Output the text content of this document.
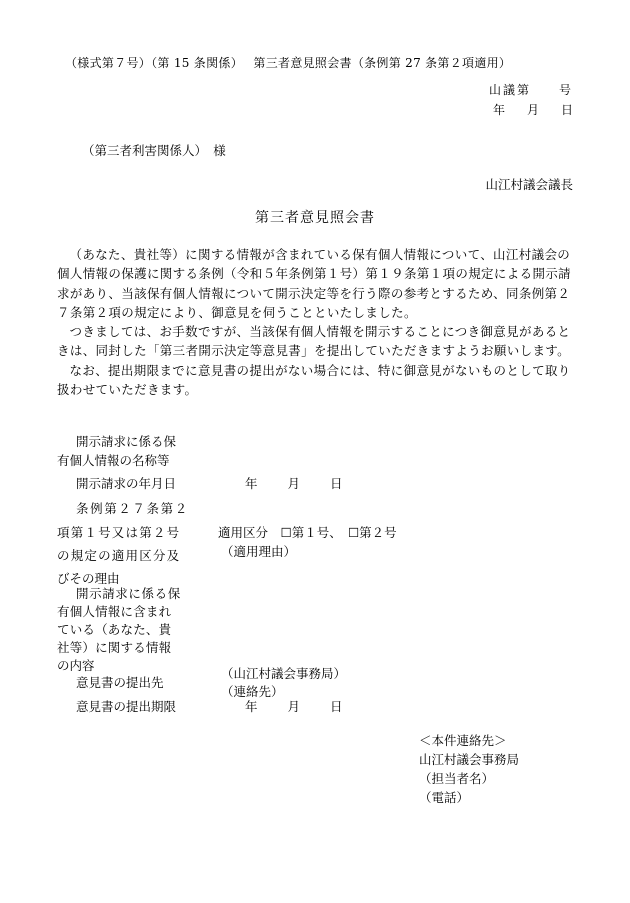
（様式第７号）（第 15 条関係）　 第三者意見照会書（条例第 27 条第２項適用）
山議第　　号
年 月 日
（第三者利害関係人）　様
山江村議会議長
第三者意見照会書

（あなた、貴社等）に関する情報が含まれている保有個人情報について、山江村議会の個人情報の保護に関する条例（令和５年条例第１号）第１９条第１項の規定による開示請求があり、当該保有個人情報について開示決定等を行う際の参考とするため、同条例第２７条第２項の規定により、御意見を伺うことといたしました。

つきましては、お手数ですが、当該保有個人情報を開示することにつき御意見があるときは、同封した「第三者開示決定等意見書」を提出していただきますようお願いします。

なお、提出期限までに意見書の提出がない場合には、特に御意見がないものとして取り扱わせていただきます。

開示請求に係る保
有個人情報の名称等
開示請求の年月日	年 月 日
条例第２７条第２
項第１号又は第２号
の規定の適用区分及
びその理由
適用区分　☐第１号、　☐第２号
（適用理由）
開示請求に係る保
有個人情報に含まれ
ている（あなた、貴
社等）に関する情報
の内容
意見書の提出先
（山江村議会事務局）
（連絡先）
意見書の提出期限	年 月 日
＜本件連絡先＞
山江村議会事務局
（担当者名）
（電話）
